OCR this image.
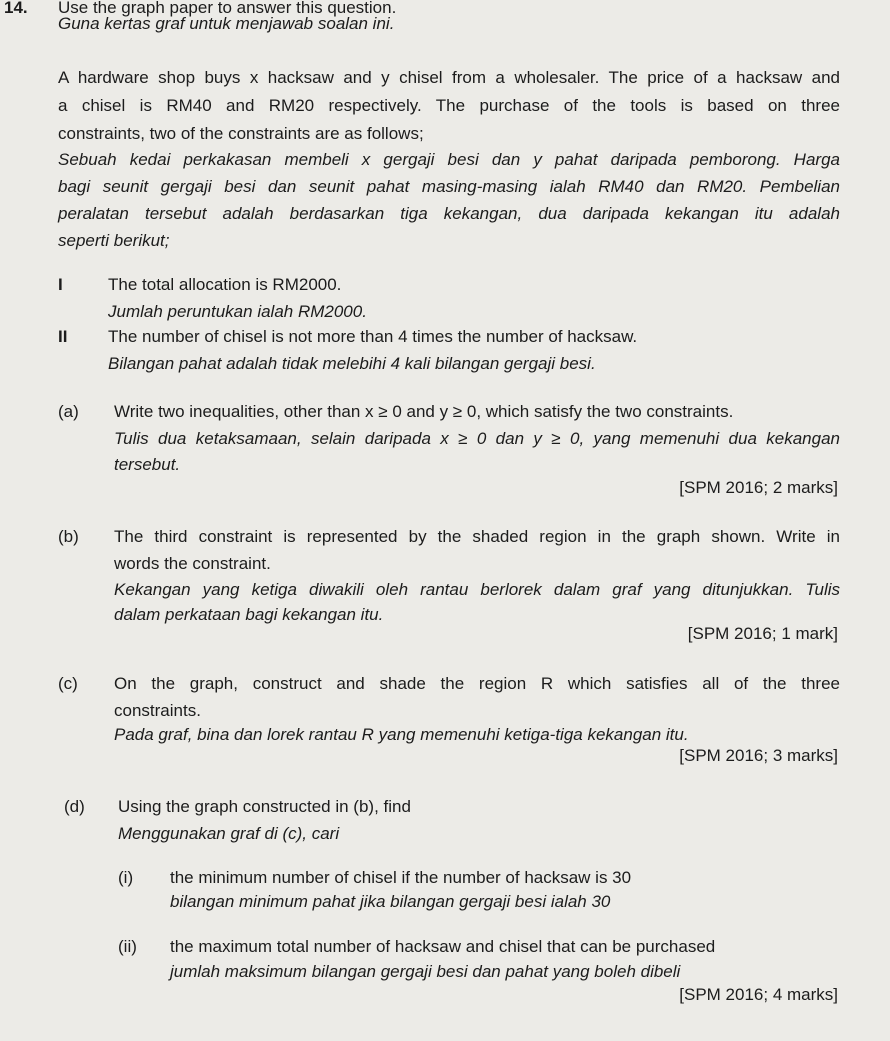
14. Use the graph paper to answer this question.
Guna kertas graf untuk menjawab soalan ini.
A hardware shop buys x hacksaw and y chisel from a wholesaler. The price of a hacksaw and
a chisel is RM40 and RM20 respectively. The purchase of the tools is based on three
constraints, two of the constraints are as follows;
Sebuah kedai perkakasan membeli x gergaji besi dan y pahat daripada pemborong. Harga
bagi seunit gergaji besi dan seunit pahat masing-masing ialah RM40 dan RM20. Pembelian
peralatan tersebut adalah berdasarkan tiga kekangan, dua daripada kekangan itu adalah
seperti berikut;
I	The total allocation is RM2000.
Jumlah peruntukan ialah RM2000.
II The number of chisel is not more than 4 times the number of hacksaw.
Bilangan pahat adalah tidak melebihi 4 kali bilangan gergaji besi.
(a) Write two inequalities, other than x ≥ 0 and y ≥ 0, which satisfy the two constraints.
Tulis dua ketaksamaan, selain daripada x ≥ 0 dan y ≥ 0, yang memenuhi dua kekangan
tersebut.
[SPM 2016; 2 marks]
(b) The third constraint is represented by the shaded region in the graph shown. Write in
words the constraint.
Kekangan yang ketiga diwakili oleh rantau berlorek dalam graf yang ditunjukkan. Tulis
dalam perkataan bagi kekangan itu.
[SPM 2016; 1 mark]
(c) On the graph, construct and shade the region R which satisfies all of the three
constraints.
Pada graf, bina dan lorek rantau R yang memenuhi ketiga-tiga kekangan itu.
[SPM 2016; 3 marks]
(d) Using the graph constructed in (b), find
Menggunakan graf di (c), cari
(i) the minimum number of chisel if the number of hacksaw is 30
bilangan minimum pahat jika bilangan gergaji besi ialah 30
(ii) the maximum total number of hacksaw and chisel that can be purchased
jumlah maksimum bilangan gergaji besi dan pahat yang boleh dibeli
[SPM 2016; 4 marks]
